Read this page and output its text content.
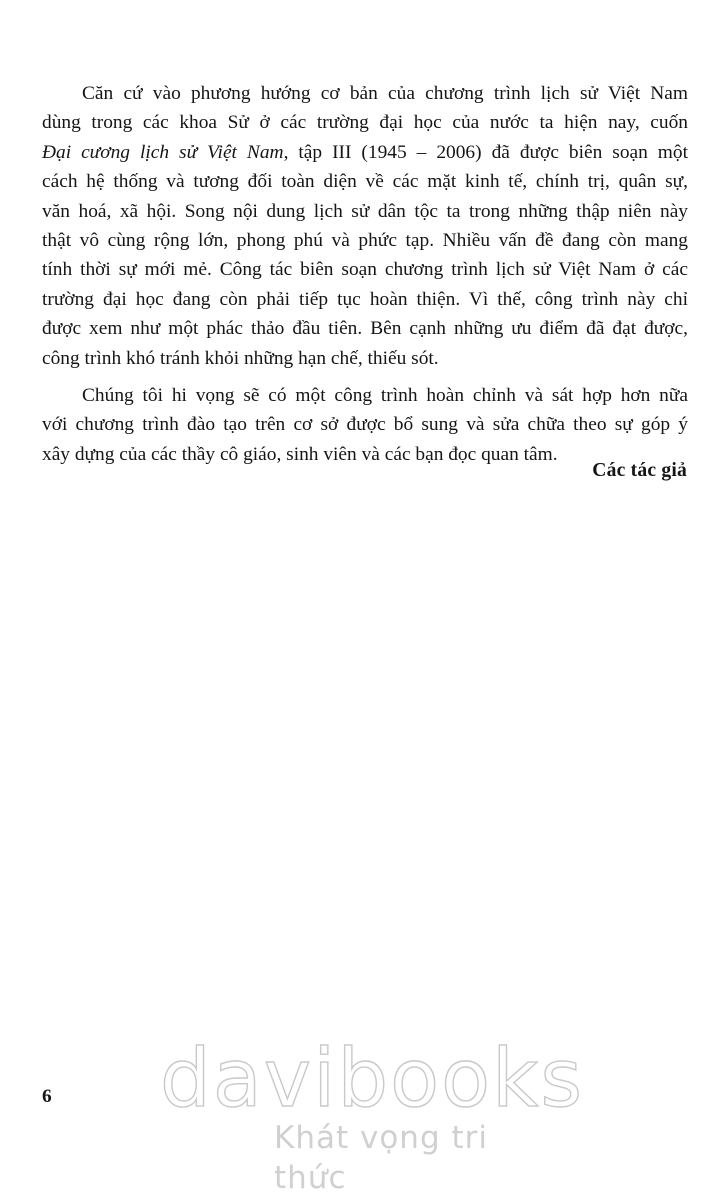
Căn cứ vào phương hướng cơ bản của chương trình lịch sử Việt Nam
dùng trong các khoa Sử ở các trường đại học của nước ta hiện nay, cuốn
Đại cương lịch sử Việt Nam, tập III (1945 – 2006) đã được biên soạn một
cách hệ thống và tương đối toàn diện về các mặt kinh tế, chính trị, quân sự,
văn hoá, xã hội. Song nội dung lịch sử dân tộc ta trong những thập niên này
thật vô cùng rộng lớn, phong phú và phức tạp. Nhiều vấn đề đang còn mang
tính thời sự mới mẻ. Công tác biên soạn chương trình lịch sử Việt Nam ở các
trường đại học đang còn phải tiếp tục hoàn thiện. Vì thế, công trình này chỉ
được xem như một phác thảo đầu tiên. Bên cạnh những ưu điểm đã đạt được,
công trình khó tránh khỏi những hạn chế, thiếu sót.
Chúng tôi hi vọng sẽ có một công trình hoàn chỉnh và sát hợp hơn nữa
với chương trình đào tạo trên cơ sở được bổ sung và sửa chữa theo sự góp ý
xây dựng của các thầy cô giáo, sinh viên và các bạn đọc quan tâm.
Các tác giả
6 davibooks
Khát vọng tri thức
